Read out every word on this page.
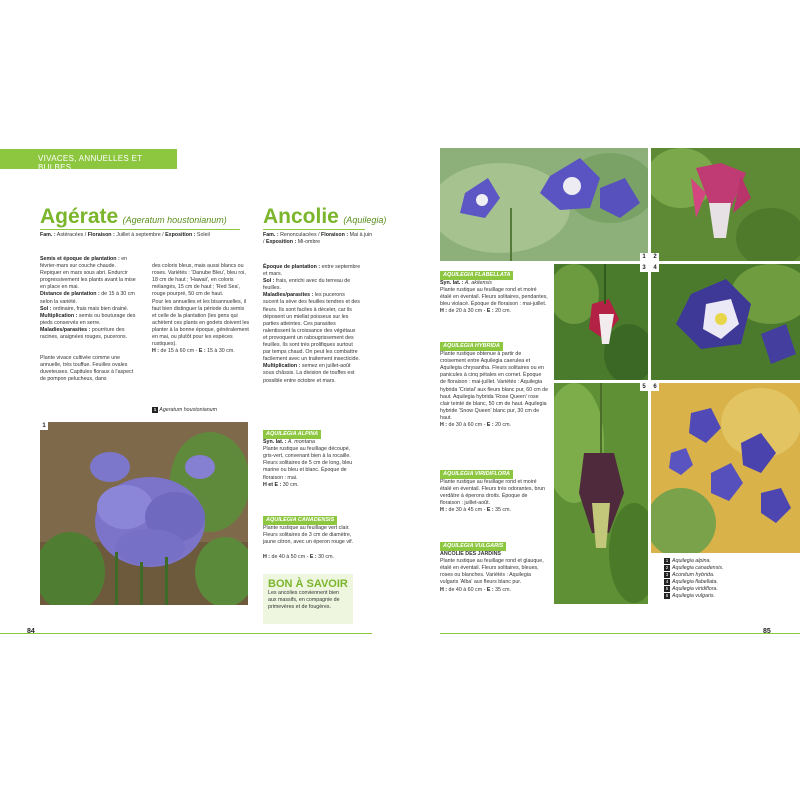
VIVACES, ANNUELLES ET BULBES
Agérate (Ageratum houstonianum)
Fam. : Astéracées / Floraison : Juillet à septembre / Exposition : Soleil

Semis et époque de plantation : en février-mars sur couche chaude. Repiquer en mars sous abri. Endurcir progressivement les plants avant la mise en place en mai.

Distance de plantation : de 15 à 30 cm selon la variété.

Sol : ordinaire, frais mais bien drainé.

Multiplication : semis ou bouturage des pieds conservés en serre.

Maladies/parasites : pourriture des racines, araignées rouges, pucerons.

Plante vivace cultivée comme une annuelle, très touffue. Feuilles ovales duveteuses. Capitules floraux à l'aspect de pompon pelucheux, dans

des coloris bleus, mais aussi blancs ou roses. Variétés : 'Danube Bleu', bleu roi, 18 cm de haut ; 'Hawaii', en coloris mélangés, 15 cm de haut ; 'Red Sea', rouge pourpré, 50 cm de haut.
Pour les annuelles et les bisannuelles, il faut bien distinguer la période du semis et celle de la plantation (les gens qui achètent ces plants en godets doivent les planter à la bonne époque, généralement en mai, ou plutôt pour les espèces rustiques).

H : de 15 à 60 cm - E : 15 à 30 cm.

1 Ageratum houstonianum
1
Ancolie (Aquilegia)
Fam. : Renonculacées / Floraison : Mai à juin / Exposition : Mi-ombre

Époque de plantation : entre septembre et mars.

Sol : frais, enrichi avec du terreau de feuilles.

Maladies/parasites : les pucerons sucent la sève des feuilles tendres et des fleurs. Ils sont faciles à déceler, car ils déposent un miellat poisseux sur les parties atteintes. Ces parasites ralentissent la croissance des végétaux et provoquent un rabougrissement des feuilles. Ils sont très prolifiques surtout par temps chaud. On peut les combattre facilement avec un traitement insecticide.

Multiplication : semez en juillet-août sous châssis. La division de touffes est possible entre octobre et mars.

AQUILEGIA ALPINA
Syn. lat. : A. montana
Plante rustique au feuillage découpé, gris-vert, convenant bien à la rocaille. Fleurs solitaires de 5 cm de long, bleu marine ou bleu et blanc. Époque de floraison : mai.
H et E : 30 cm.

AQUILEGIA CANADENSIS

Plante rustique au feuillage vert clair.
Fleurs solitaires de 3 cm de diamètre, jaune citron, avec un éperon rouge vif.

H : de 40 à 50 cm - E : 30 cm.

BON À SAVOIR
Les ancolies conviennent bien aux massifs, en compagnie de primevères et de fougères.
84
1	2
3	4
5	6
AQUILEGIA FLABELLATA
Syn. lat. : A. akitensis
Plante rustique au feuillage rond et moiré étalé en éventail. Fleurs solitaires, pendantes, bleu violacé. Époque de floraison : mai-juillet.
H : de 20 à 30 cm - E : 20 cm.
AQUILEGIA HYBRIDA
Plante rustique obtenue à partir de croisement entre Aquilegia caerulea et Aquilegia chrysantha. Fleurs solitaires ou en panicules à cinq pétales en cornet. Époque de floraison : mai-juillet. Variétés : Aquilegia hybrida 'Cristal' aux fleurs blanc pur, 60 cm de haut. Aquilegia hybrida 'Rose Queen' rose clair teinté de blanc, 50 cm de haut. Aquilegia hybride 'Snow Queen' blanc pur, 30 cm de haut.
H : de 30 à 60 cm - E : 20 cm.
AQUILEGIA VIRIDIFLORA
Plante rustique au feuillage rond et moiré étalé en éventail. Fleurs très odorantes, brun verdâtre à éperons droits. Époque de floraison : juillet-août.
H : de 30 à 45 cm - E : 35 cm.
AQUILEGIA VULGARIS
ANCOLIE DES JARDINS
Plante rustique au feuillage rond et glauque, étalé en éventail. Fleurs solitaires, bleues, roses ou blanches. Variétés : Aquilegia vulgaris 'Alba' aux fleurs blanc pur.
H : de 40 à 60 cm - E : 35 cm.
1 Aquilegia alpina.
2 Aquilegia canadensis.
3 Aconitum hybrida.
4 Aquilegia flabellata.
5 Aquilegia viridiflora.
6 Aquilegia vulgaris.
85
